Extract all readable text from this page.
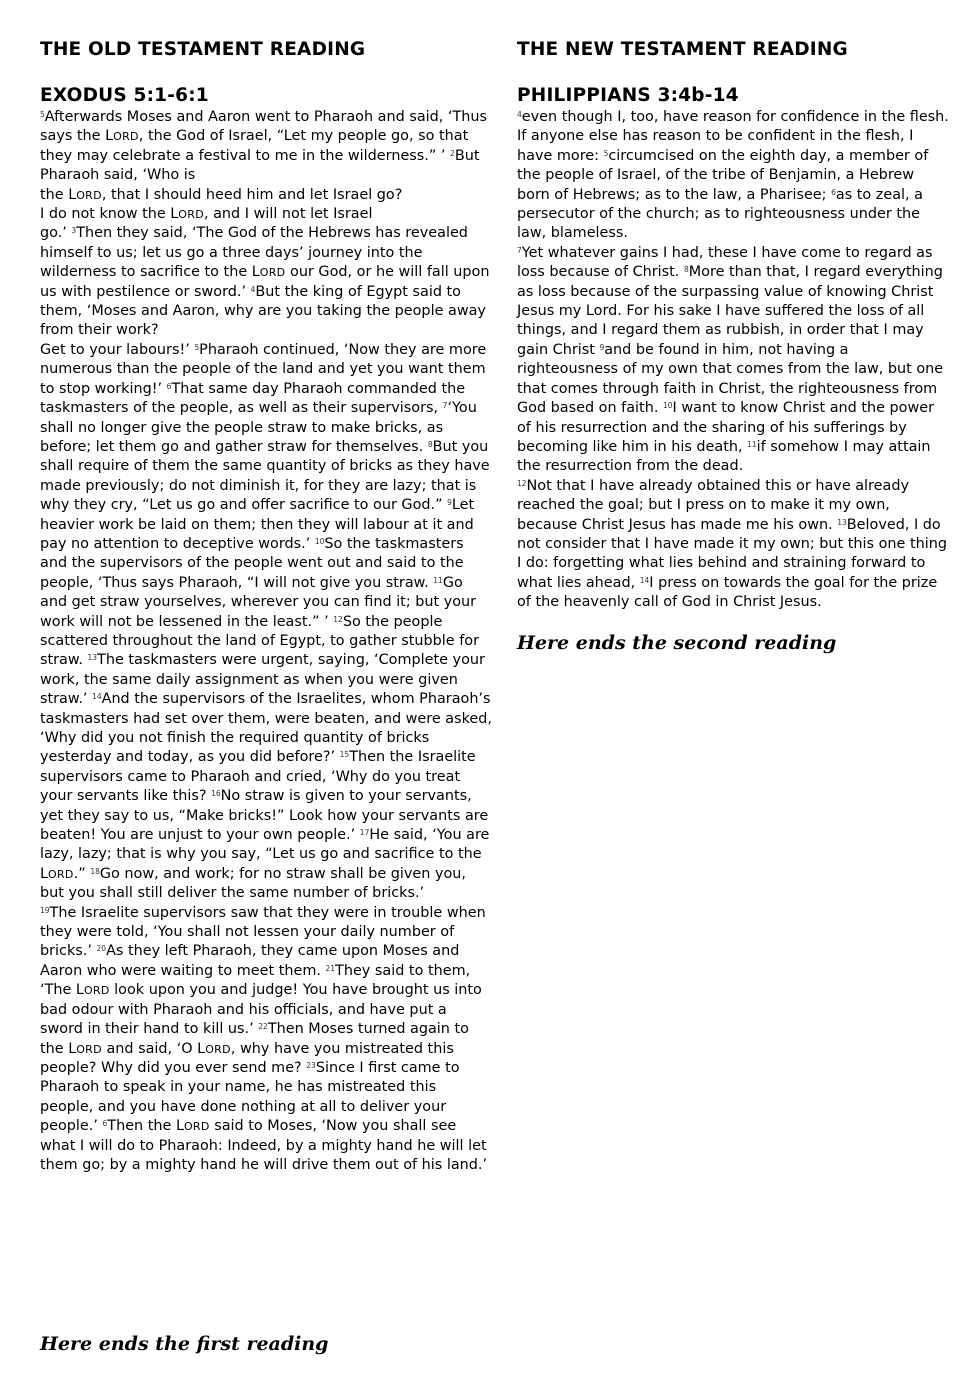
THE OLD TESTAMENT READING
EXODUS 5:1-6:1

$^5$Afterwards Moses and Aaron went to Pharaoh and said, ‘Thus says the LORD, the God of Israel, “Let my people go, so that they may celebrate a festival to me in the wilderness.” ’ $^2$But Pharaoh said, ‘Who is
the LORD, that I should heed him and let Israel go?
I do not know the LORD, and I will not let Israel
go.’ $^3$Then they said, ‘The God of the Hebrews has revealed himself to us; let us go a three days’ journey into the wilderness to sacrifice to the LORD our God, or he will fall upon us with pestilence or sword.’ $^4$But the king of Egypt said to them, ‘Moses and Aaron, why are you taking the people away from their work?
Get to your labours!’ $^5$Pharaoh continued, ‘Now they are more numerous than the people of the land and yet you want them to stop working!’ $^6$That same day Pharaoh commanded the taskmasters of the people, as well as their supervisors, $^7$‘You shall no longer give the people straw to make bricks, as before; let them go and gather straw for themselves. $^8$But you shall require of them the same quantity of bricks as they have made previously; do not diminish it, for they are lazy; that is why they cry, “Let us go and offer sacrifice to our God.” $^9$Let heavier work be laid on them; then they will labour at it and pay no attention to deceptive words.’ $^{10}$So the taskmasters and the supervisors of the people went out and said to the people, ‘Thus says Pharaoh, “I will not give you straw. $^{11}$Go and get straw yourselves, wherever you can find it; but your work will not be lessened in the least.” ’ $^{12}$So the people scattered throughout the land of Egypt, to gather stubble for straw. $^{13}$The taskmasters were urgent, saying, ‘Complete your work, the same daily assignment as when you were given straw.’ $^{14}$And the supervisors of the Israelites, whom Pharaoh’s taskmasters had set over them, were beaten, and were asked, ‘Why did you not finish the required quantity of bricks yesterday and today, as you did before?’ $^{15}$Then the Israelite
supervisors came to Pharaoh and cried, ‘Why do you treat your servants like this? $^{16}$No straw is given to your servants, yet they say to us, “Make bricks!” Look how your servants are beaten! You are unjust to your own people.’ $^{17}$He said, ‘You are lazy, lazy; that is why you say, “Let us go and sacrifice to the LORD.” $^{18}$Go now, and work; for no straw shall be given you, but you shall still deliver the same number of bricks.’
$^{19}$The Israelite supervisors saw that they were in trouble when they were told, ‘You shall not lessen your daily number of bricks.’ $^{20}$As they left Pharaoh, they came upon Moses and Aaron who were waiting to meet them. $^{21}$They said to them, ‘The LORD look upon you and judge! You have brought us into bad odour with Pharaoh and his officials, and have put a sword in their hand to kill us.’ $^{22}$Then Moses turned again to the LORD and said, ‘O LORD, why have you mistreated this people? Why did you ever send me? $^{23}$Since I first came to Pharaoh to speak in your name, he has mistreated this people, and you have done nothing at all to deliver your people.’ $^6$Then the LORD said to Moses, ‘Now you shall see what I will do to Pharaoh: Indeed, by a mighty hand he will let them go; by a mighty hand he will drive them out of his land.’

Here ends the first reading

THE NEW TESTAMENT READING
PHILIPPIANS 3:4b-14

$^4$even though I, too, have reason for confidence in the flesh. If anyone else has reason to be confident in the flesh, I have more: $^5$circumcised on the eighth day, a member of the people of Israel, of the tribe of Benjamin, a Hebrew born of Hebrews; as to the law, a Pharisee; $^6$as to zeal, a persecutor of the church; as to righteousness under the law, blameless.
$^7$Yet whatever gains I had, these I have come to regard as loss because of Christ. $^8$More than that, I regard everything as loss because of the surpassing value of knowing Christ Jesus my Lord. For his sake I have suffered the loss of all things, and I regard them as rubbish, in order that I may gain Christ $^9$and be found in him, not having a righteousness of my own that comes from the law, but one that comes through faith in Christ, the righteousness from God based on faith. $^{10}$I want to know Christ and the power of his resurrection and the sharing of his sufferings by becoming like him in his death, $^{11}$if somehow I may attain the resurrection from the dead.
$^{12}$Not that I have already obtained this or have already reached the goal; but I press on to make it my own, because Christ Jesus has made me his own. $^{13}$Beloved, I do not consider that I have made it my own; but this one thing I do: forgetting what lies behind and straining forward to what lies ahead, $^{14}$I press on towards the goal for the prize of the heavenly call of God in Christ Jesus.

Here ends the second reading
